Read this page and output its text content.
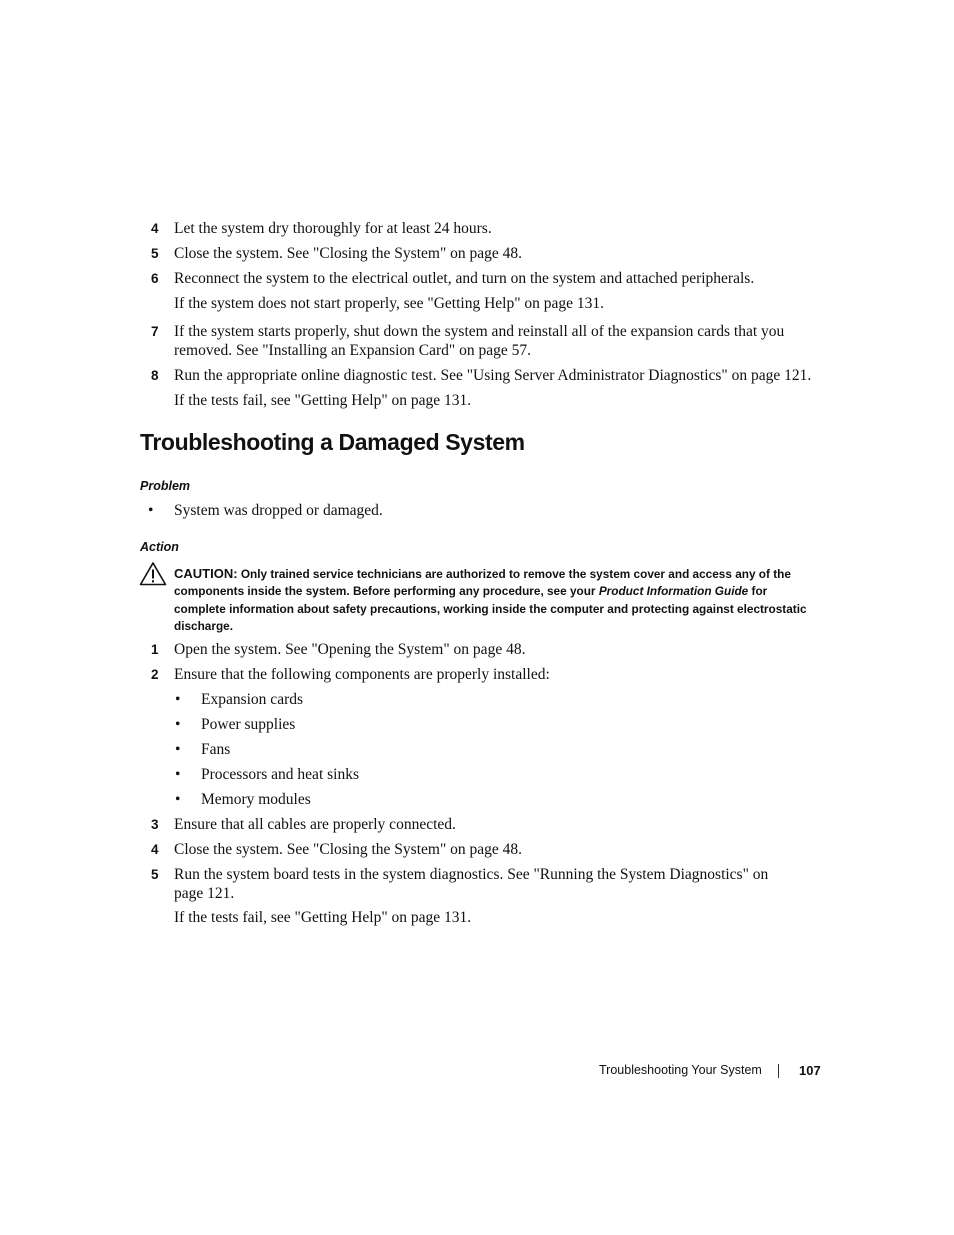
4 Let the system dry thoroughly for at least 24 hours.
5 Close the system. See "Closing the System" on page 48.
6 Reconnect the system to the electrical outlet, and turn on the system and attached peripherals.
If the system does not start properly, see "Getting Help" on page 131.
7 If the system starts properly, shut down the system and reinstall all of the expansion cards that you removed. See "Installing an Expansion Card" on page 57.
8 Run the appropriate online diagnostic test. See "Using Server Administrator Diagnostics" on page 121.
If the tests fail, see "Getting Help" on page 131.
Troubleshooting a Damaged System
Problem
• System was dropped or damaged.
Action
CAUTION: Only trained service technicians are authorized to remove the system cover and access any of the components inside the system. Before performing any procedure, see your Product Information Guide for complete information about safety precautions, working inside the computer and protecting against electrostatic discharge.
1 Open the system. See "Opening the System" on page 48.
2 Ensure that the following components are properly installed:
• Expansion cards
• Power supplies
• Fans
• Processors and heat sinks
• Memory modules
3 Ensure that all cables are properly connected.
4 Close the system. See "Closing the System" on page 48.
5 Run the system board tests in the system diagnostics. See "Running the System Diagnostics" on page 121.
If the tests fail, see "Getting Help" on page 131.
Troubleshooting Your System	107
